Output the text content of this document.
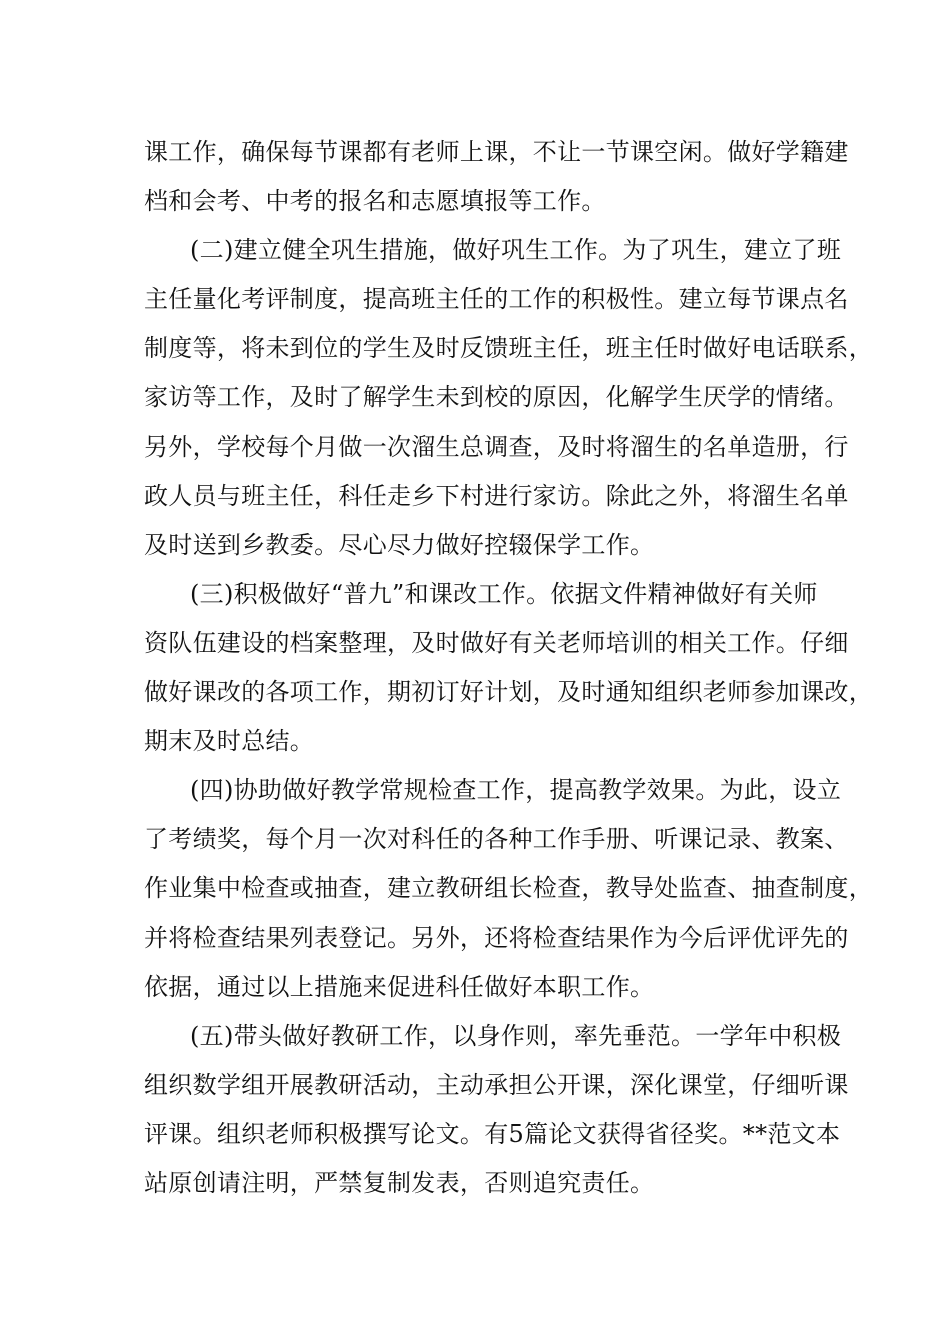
课工作，确保每节课都有老师上课，不让一节课空闲。做好学籍建
档和会考、中考的报名和志愿填报等工作。
(二)建立健全巩生措施，做好巩生工作。为了巩生，建立了班
主任量化考评制度，提高班主任的工作的积极性。建立每节课点名
制度等，将未到位的学生及时反馈班主任，班主任时做好电话联系，
家访等工作，及时了解学生未到校的原因，化解学生厌学的情绪。
另外，学校每个月做一次溜生总调查，及时将溜生的名单造册，行
政人员与班主任，科任走乡下村进行家访。除此之外，将溜生名单
及时送到乡教委。尽心尽力做好控辍保学工作。
(三)积极做好“普九”和课改工作。依据文件精神做好有关师
资队伍建设的档案整理，及时做好有关老师培训的相关工作。仔细
做好课改的各项工作，期初订好计划，及时通知组织老师参加课改，
期末及时总结。
(四)协助做好教学常规检查工作，提高教学效果。为此，设立
了考绩奖，每个月一次对科任的各种工作手册、听课记录、教案、
作业集中检查或抽查，建立教研组长检查，教导处监查、抽查制度，
并将检查结果列表登记。另外，还将检查结果作为今后评优评先的
依据，通过以上措施来促进科任做好本职工作。
(五)带头做好教研工作，以身作则，率先垂范。一学年中积极
组织数学组开展教研活动，主动承担公开课，深化课堂，仔细听课
评课。组织老师积极撰写论文。有5篇论文获得省径奖。**范文本
站原创请注明，严禁复制发表，否则追究责任。
